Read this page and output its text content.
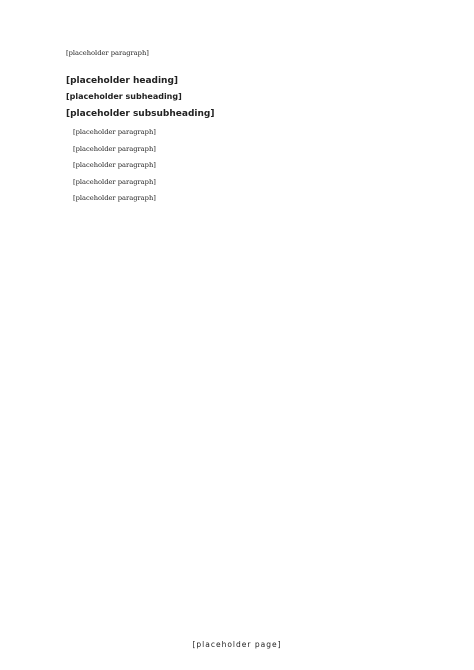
[placeholder paragraph]

[placeholder heading]
[placeholder subheading]
[placeholder subsubheading]

[placeholder paragraph]

[placeholder paragraph]

[placeholder paragraph]

[placeholder paragraph]

[placeholder paragraph]

[placeholder page]
